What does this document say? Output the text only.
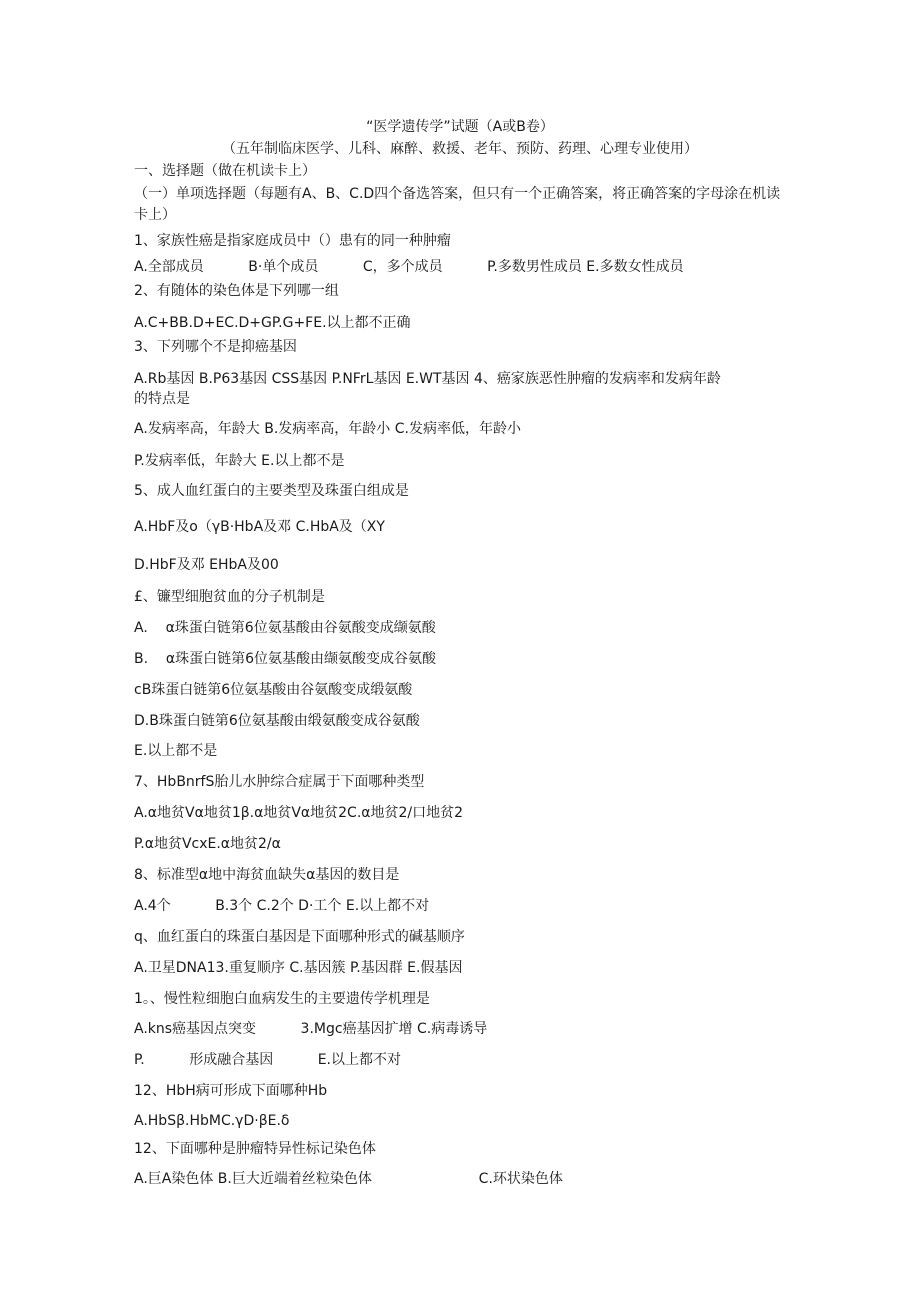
“医学遗传学”试题（A或B卷）

（五年制临床医学、儿科、麻醉、救援、老年、预防、药理、心理专业使用）

一、选择题（做在机读卡上）

（一）单项选择题（每题有A、B、C.D四个备选答案，但只有一个正确答案，将正确答案的字母涂在机读卡上）

1、家族性癌是指家庭成员中（）患有的同一种肿瘤

A.全部成员          B·单个成员          C，多个成员          P.多数男性成员 E.多数女性成员

2、有随体的染色体是下列哪一组

A.C+BB.D+EC.D+GP.G+FE.以上都不正确

3、下列哪个不是抑癌基因

A.Rb基因 B.P63基因 CSS基因 P.NFrL基因 E.WT基因 4、癌家族恶性肿瘤的发病率和发病年龄

的特点是

A.发病率高，年龄大 B.发病率高，年龄小 C.发病率低，年龄小

P.发病率低，年龄大 E.以上都不是

5、成人血红蛋白的主要类型及珠蛋白组成是

A.HbF及o（γB·HbA及邓 C.HbA及（XY

D.HbF及邓 EHbA及00

£、镰型细胞贫血的分子机制是

A.    α珠蛋白链第6位氨基酸由谷氨酸变成缬氨酸

B.    α珠蛋白链第6位氨基酸由缬氨酸变成谷氨酸

cB珠蛋白链第6位氨基酸由谷氨酸变成缎氨酸

D.B珠蛋白链第6位氨基酸由缎氨酸变成谷氨酸

E.以上都不是

7、HbBnrfS胎儿水肿综合症属于下面哪种类型

A.α地贫Vα地贫1β.α地贫Vα地贫2C.α地贫2/口地贫2

P.α地贫VcxE.α地贫2/α

8、标准型α地中海贫血缺失α基因的数目是

A.4个          B.3个 C.2个 D·工个 E.以上都不对

q、血红蛋白的珠蛋白基因是下面哪种形式的碱基顺序

A.卫星DNA13.重复顺序 C.基因簇 P.基因群 E.假基因

1。、慢性粒细胞白血病发生的主要遗传学机理是

A.kns癌基因点突变          3.Mgc癌基因扩增 C.病毒诱导

P.          形成融合基因          E.以上都不对

12、HbH病可形成下面哪种Hb

A.HbSβ.HbMC.γD·βE.δ

12、下面哪种是肿瘤特异性标记染色体

A.巨A染色体 B.巨大近端着丝粒染色体                        C.环状染色体
